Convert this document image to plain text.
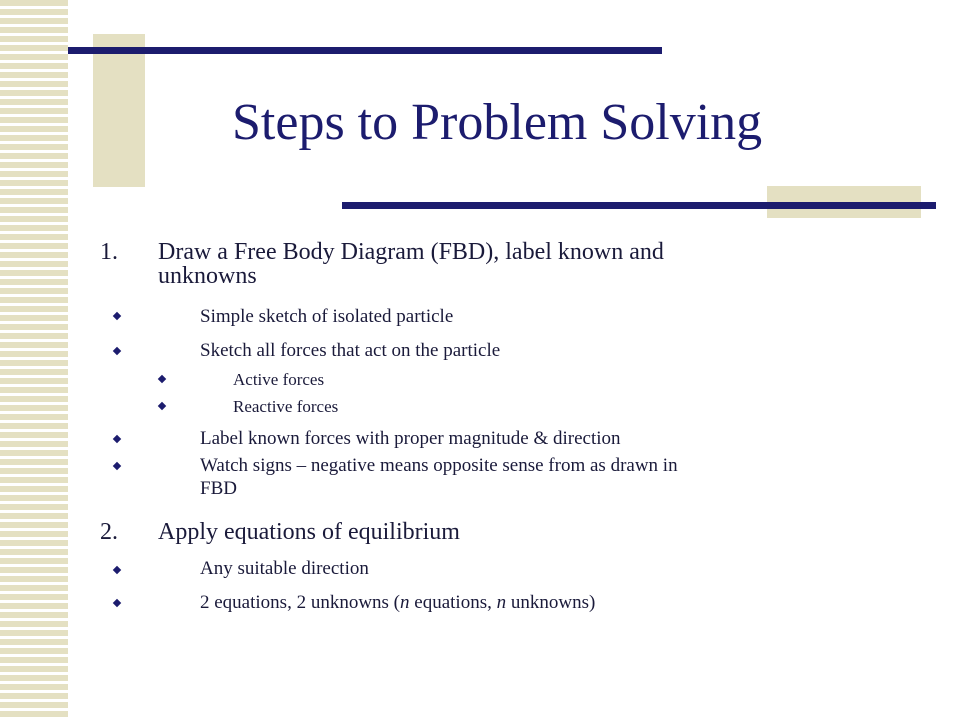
Steps to Problem Solving
1. Draw a Free Body Diagram (FBD), label known and
unknowns
Simple sketch of isolated particle
Sketch all forces that act on the particle
Active forces
Reactive forces
Label known forces with proper magnitude & direction
Watch signs – negative means opposite sense from as drawn in
FBD
2. Apply equations of equilibrium
Any suitable direction
2 equations, 2 unknowns (n equations, n unknowns)
